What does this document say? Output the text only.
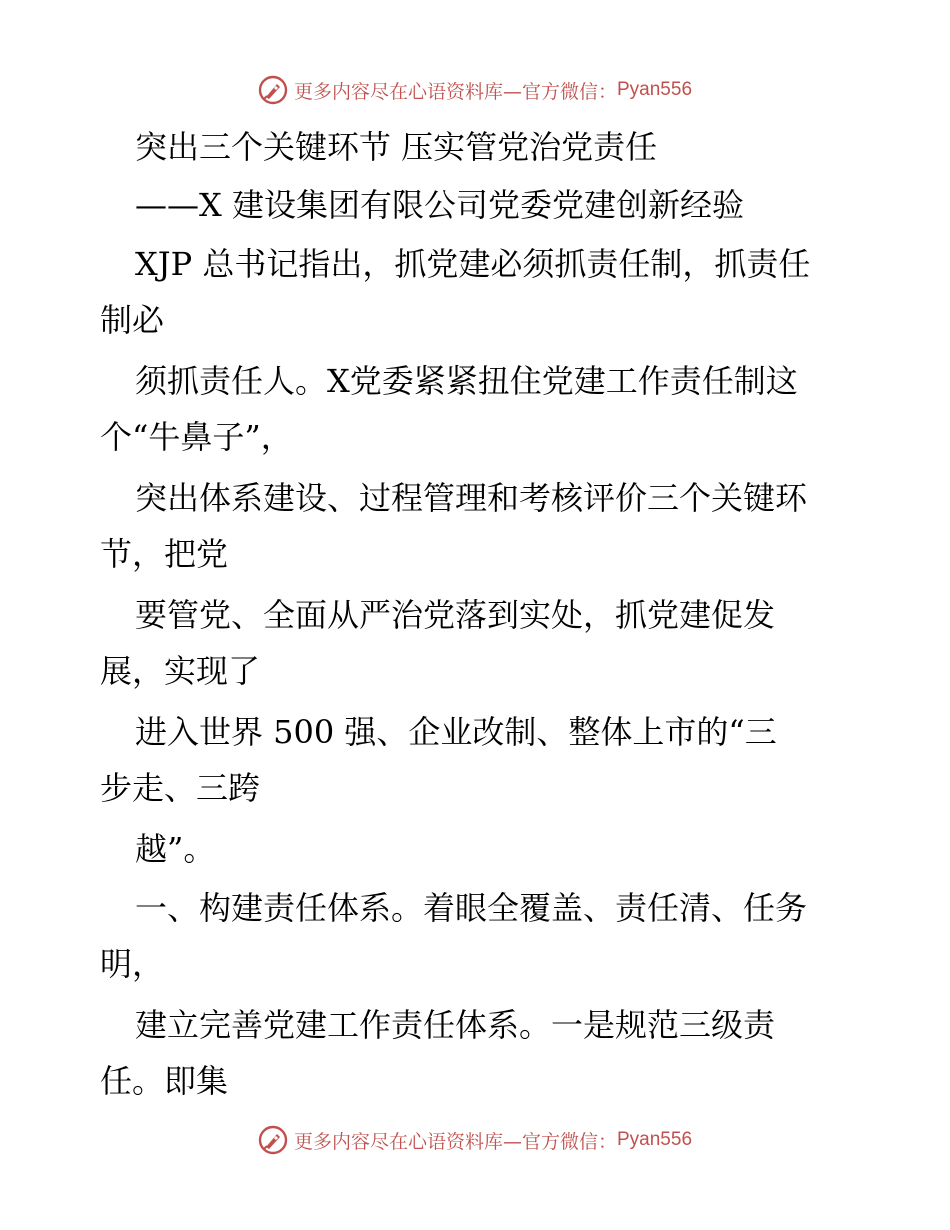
更多内容尽在心语资料库—官方微信： Pyan556
突出三个关键环节 压实管党治党责任
——X 建设集团有限公司党委党建创新经验
XJP 总书记指出，抓党建必须抓责任制，抓责任
制必
须抓责任人。X党委紧紧扭住党建工作责任制这
个“牛鼻子”，
突出体系建设、过程管理和考核评价三个关键环
节，把党
要管党、全面从严治党落到实处，抓党建促发
展，实现了
进入世界 500 强、企业改制、整体上市的“三
步走、三跨
越”。
一、构建责任体系。着眼全覆盖、责任清、任务
明，
建立完善党建工作责任体系。一是规范三级责
任。即集
更多内容尽在心语资料库—官方微信： Pyan556
